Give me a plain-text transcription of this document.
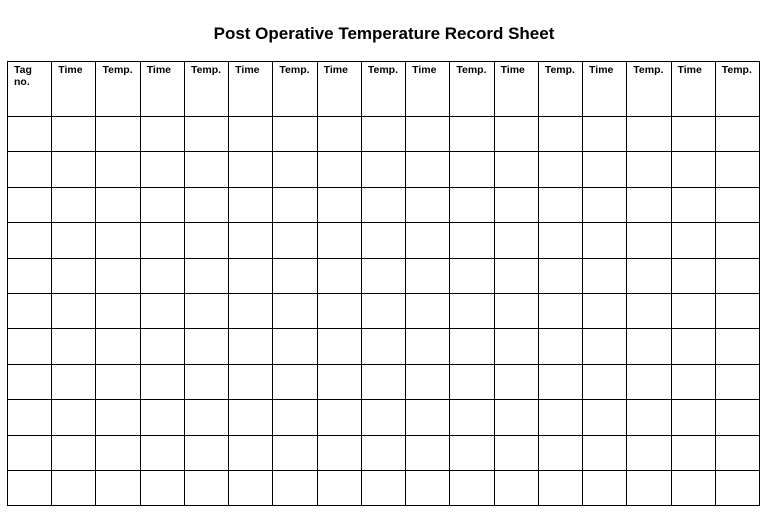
Post Operative Temperature Record Sheet
Tag no.	Time	Temp.	Time	Temp.	Time	Temp.	Time	Temp.	Time	Temp.	Time	Temp.	Time	Temp.	Time	Temp.
